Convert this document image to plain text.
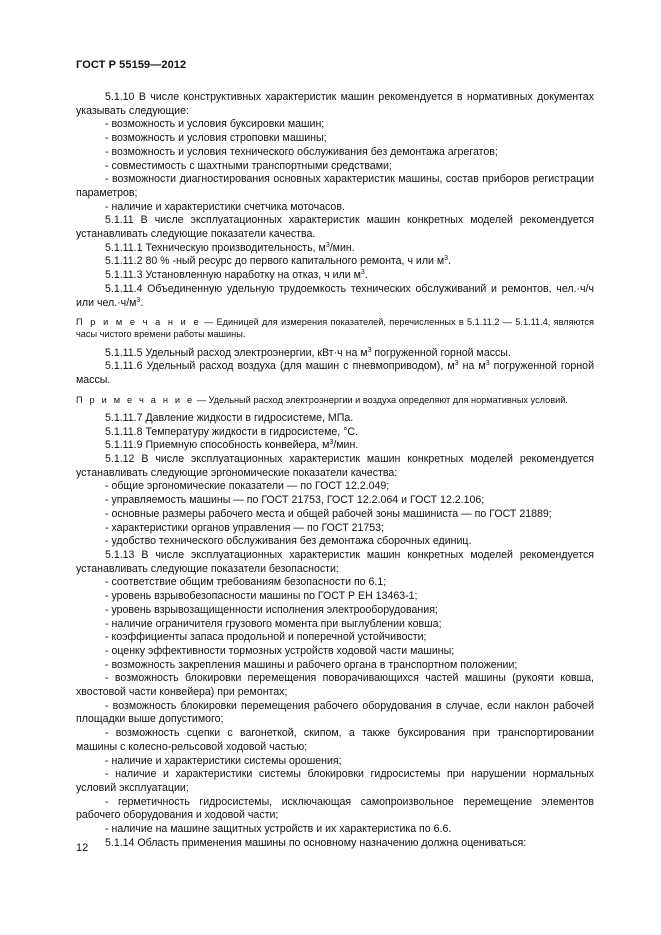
ГОСТ Р 55159—2012

5.1.10 В числе конструктивных характеристик машин рекомендуется в нормативных документах указывать следующие:

- возможность и условия буксировки машин;

- возможность и условия строповки машины;

- возможность и условия технического обслуживания без демонтажа агрегатов;

- совместимость с шахтными транспортными средствами;

- возможности диагностирования основных характеристик машины, состав приборов регистрации параметров;

- наличие и характеристики счетчика моточасов.

5.1.11 В числе эксплуатационных характеристик машин конкретных моделей рекомендуется устанавливать следующие показатели качества.

5.1.11.1 Техническую производительность, $м^3$/мин.

5.1.11.2 80 % -ный ресурс до первого капитального ремонта, ч или $м^3$.

5.1.11.3 Установленную наработку на отказ, ч или $м^3$.

5.1.11.4 Объединенную удельную трудоемкость технических обслуживаний и ремонтов, чел.·ч/ч или $чел.\cdot ч/м^3$.

П р и м е ч а н и е — Единицей для измерения показателей, перечисленных в 5.1.11.2 — 5.1.11.4, являются часы чистого времени работы машины.

5.1.11.5 Удельный расход электроэнергии, кВт·ч на $м^3$ погруженной горной массы.

5.1.11.6 Удельный расход воздуха (для машин с пневмоприводом), $м^3$ на $м^3$ погруженной горной массы.

П р и м е ч а н и е — Удельный расход электроэнергии и воздуха определяют для нормативных условий.

5.1.11.7 Давление жидкости в гидросистеме, МПа.

5.1.11.8 Температуру жидкости в гидросистеме, °С.

5.1.11.9 Приемную способность конвейера, $м^3$/мин.

5.1.12 В числе эксплуатационных характеристик машин конкретных моделей рекомендуется устанавливать следующие эргономические показатели качества:

- общие эргономические показатели — по ГОСТ 12.2.049;

- управляемость машины — по ГОСТ 21753, ГОСТ 12.2.064 и ГОСТ 12.2.106;

- основные размеры рабочего места и общей рабочей зоны машиниста — по ГОСТ 21889;

- характеристики органов управления — по ГОСТ 21753;

- удобство технического обслуживания без демонтажа сборочных единиц.

5.1.13 В числе эксплуатационных характеристик машин конкретных моделей рекомендуется устанавливать следующие показатели безопасности:

- соответствие общим требованиям безопасности по 6.1;

- уровень взрывобезопасности машины по ГОСТ Р ЕН 13463-1;

- уровень взрывозащищенности исполнения электрооборудования;

- наличие ограничителя грузового момента при выглублении ковша;

- коэффициенты запаса продольной и поперечной устойчивости;

- оценку эффективности тормозных устройств ходовой части машины;

- возможность закрепления машины и рабочего органа в транспортном положении;

- возможность блокировки перемещения поворачивающихся частей машины (рукояти ковша, хвостовой части конвейера) при ремонтах;

- возможность блокировки перемещения рабочего оборудования в случае, если наклон рабочей площадки выше допустимого;

- возможность сцепки с вагонеткой, скипом, а также буксирования при транспортировании машины с колесно-рельсовой ходовой частью;

- наличие и характеристики системы орошения;

- наличие и характеристики системы блокировки гидросистемы при нарушении нормальных условий эксплуатации;

- герметичность гидросистемы, исключающая самопроизвольное перемещение элементов рабочего оборудования и ходовой части;

- наличие на машине защитных устройств и их характеристика по 6.6.

5.1.14 Область применения машины по основному назначению должна оцениваться:

12
